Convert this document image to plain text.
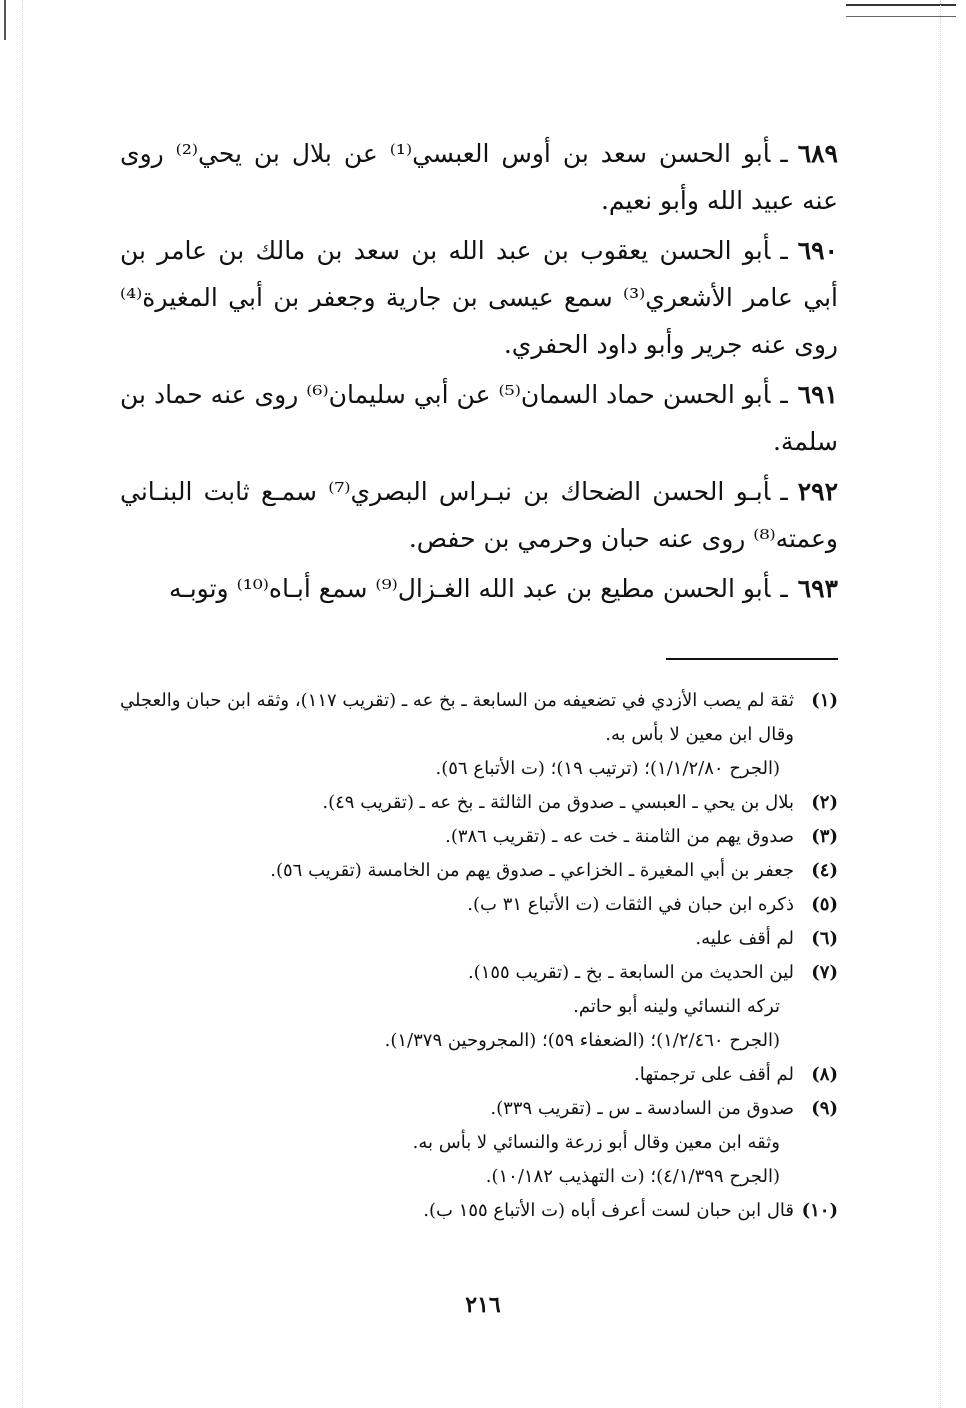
٦٨٩ـأبو الحسن سعد بن أوس العبسي⁽¹⁾ عن بلال بن يحي⁽²⁾ روى عنه عبيد الله وأبو نعيم.
٦٩٠ـأبو الحسن يعقوب بن عبد الله بن سعد بن مالك بن عامر بن أبي عامر الأشعري⁽³⁾ سمع عيسى بن جارية وجعفر بن أبي المغيرة⁽⁴⁾ روى عنه جرير وأبو داود الحفري.
٦٩١ـأبو الحسن حماد السمان⁽⁵⁾ عن أبي سليمان⁽⁶⁾ روى عنه حماد بن سلمة.
٢٩٢ـأبـو الحسن الضحاك بن نبـراس البصري⁽⁷⁾ سمـع ثابت البنـاني وعمته⁽⁸⁾ روى عنه حبان وحرمي بن حفص.
٦٩٣ـأبو الحسن مطيع بن عبد الله الغـزال⁽⁹⁾ سمع أبـاه⁽¹⁰⁾ وتوبـه
(١)
ثقة لم يصب الأزدي في تضعيفه من السابعة ـ بخ عه ـ (تقريب ١١٧)، وثقه ابن حبان والعجلي وقال ابن معين لا بأس به.
(الجرح ١/١/٢/٨٠)؛ (ترتيب ١٩)؛ (ت الأتباع ٥٦).
(٢)
بلال بن يحي ـ العبسي ـ صدوق من الثالثة ـ بخ عه ـ (تقريب ٤٩).
(٣)
صدوق يهم من الثامنة ـ خت عه ـ (تقريب ٣٨٦).
(٤)
جعفر بن أبي المغيرة ـ الخزاعي ـ صدوق يهم من الخامسة (تقريب ٥٦).
(٥)
ذكره ابن حبان في الثقات (ت الأتباع ٣١ ب).
(٦)
لم أقف عليه.
(٧)
لين الحديث من السابعة ـ بخ ـ (تقريب ١٥٥).
تركه النسائي ولينه أبو حاتم.
(الجرح ١/٢/٤٦٠)؛ (الضعفاء ٥٩)؛ (المجروحين ١/٣٧٩).
(٨)
لم أقف على ترجمتها.
(٩)
صدوق من السادسة ـ س ـ (تقريب ٣٣٩).
وثقه ابن معين وقال أبو زرعة والنسائي لا بأس به.
(الجرح ٤/١/٣٩٩)؛ (ت التهذيب ١٠/١٨٢).
(١٠)
قال ابن حبان لست أعرف أباه (ت الأتباع ١٥٥ ب).
٢١٦
